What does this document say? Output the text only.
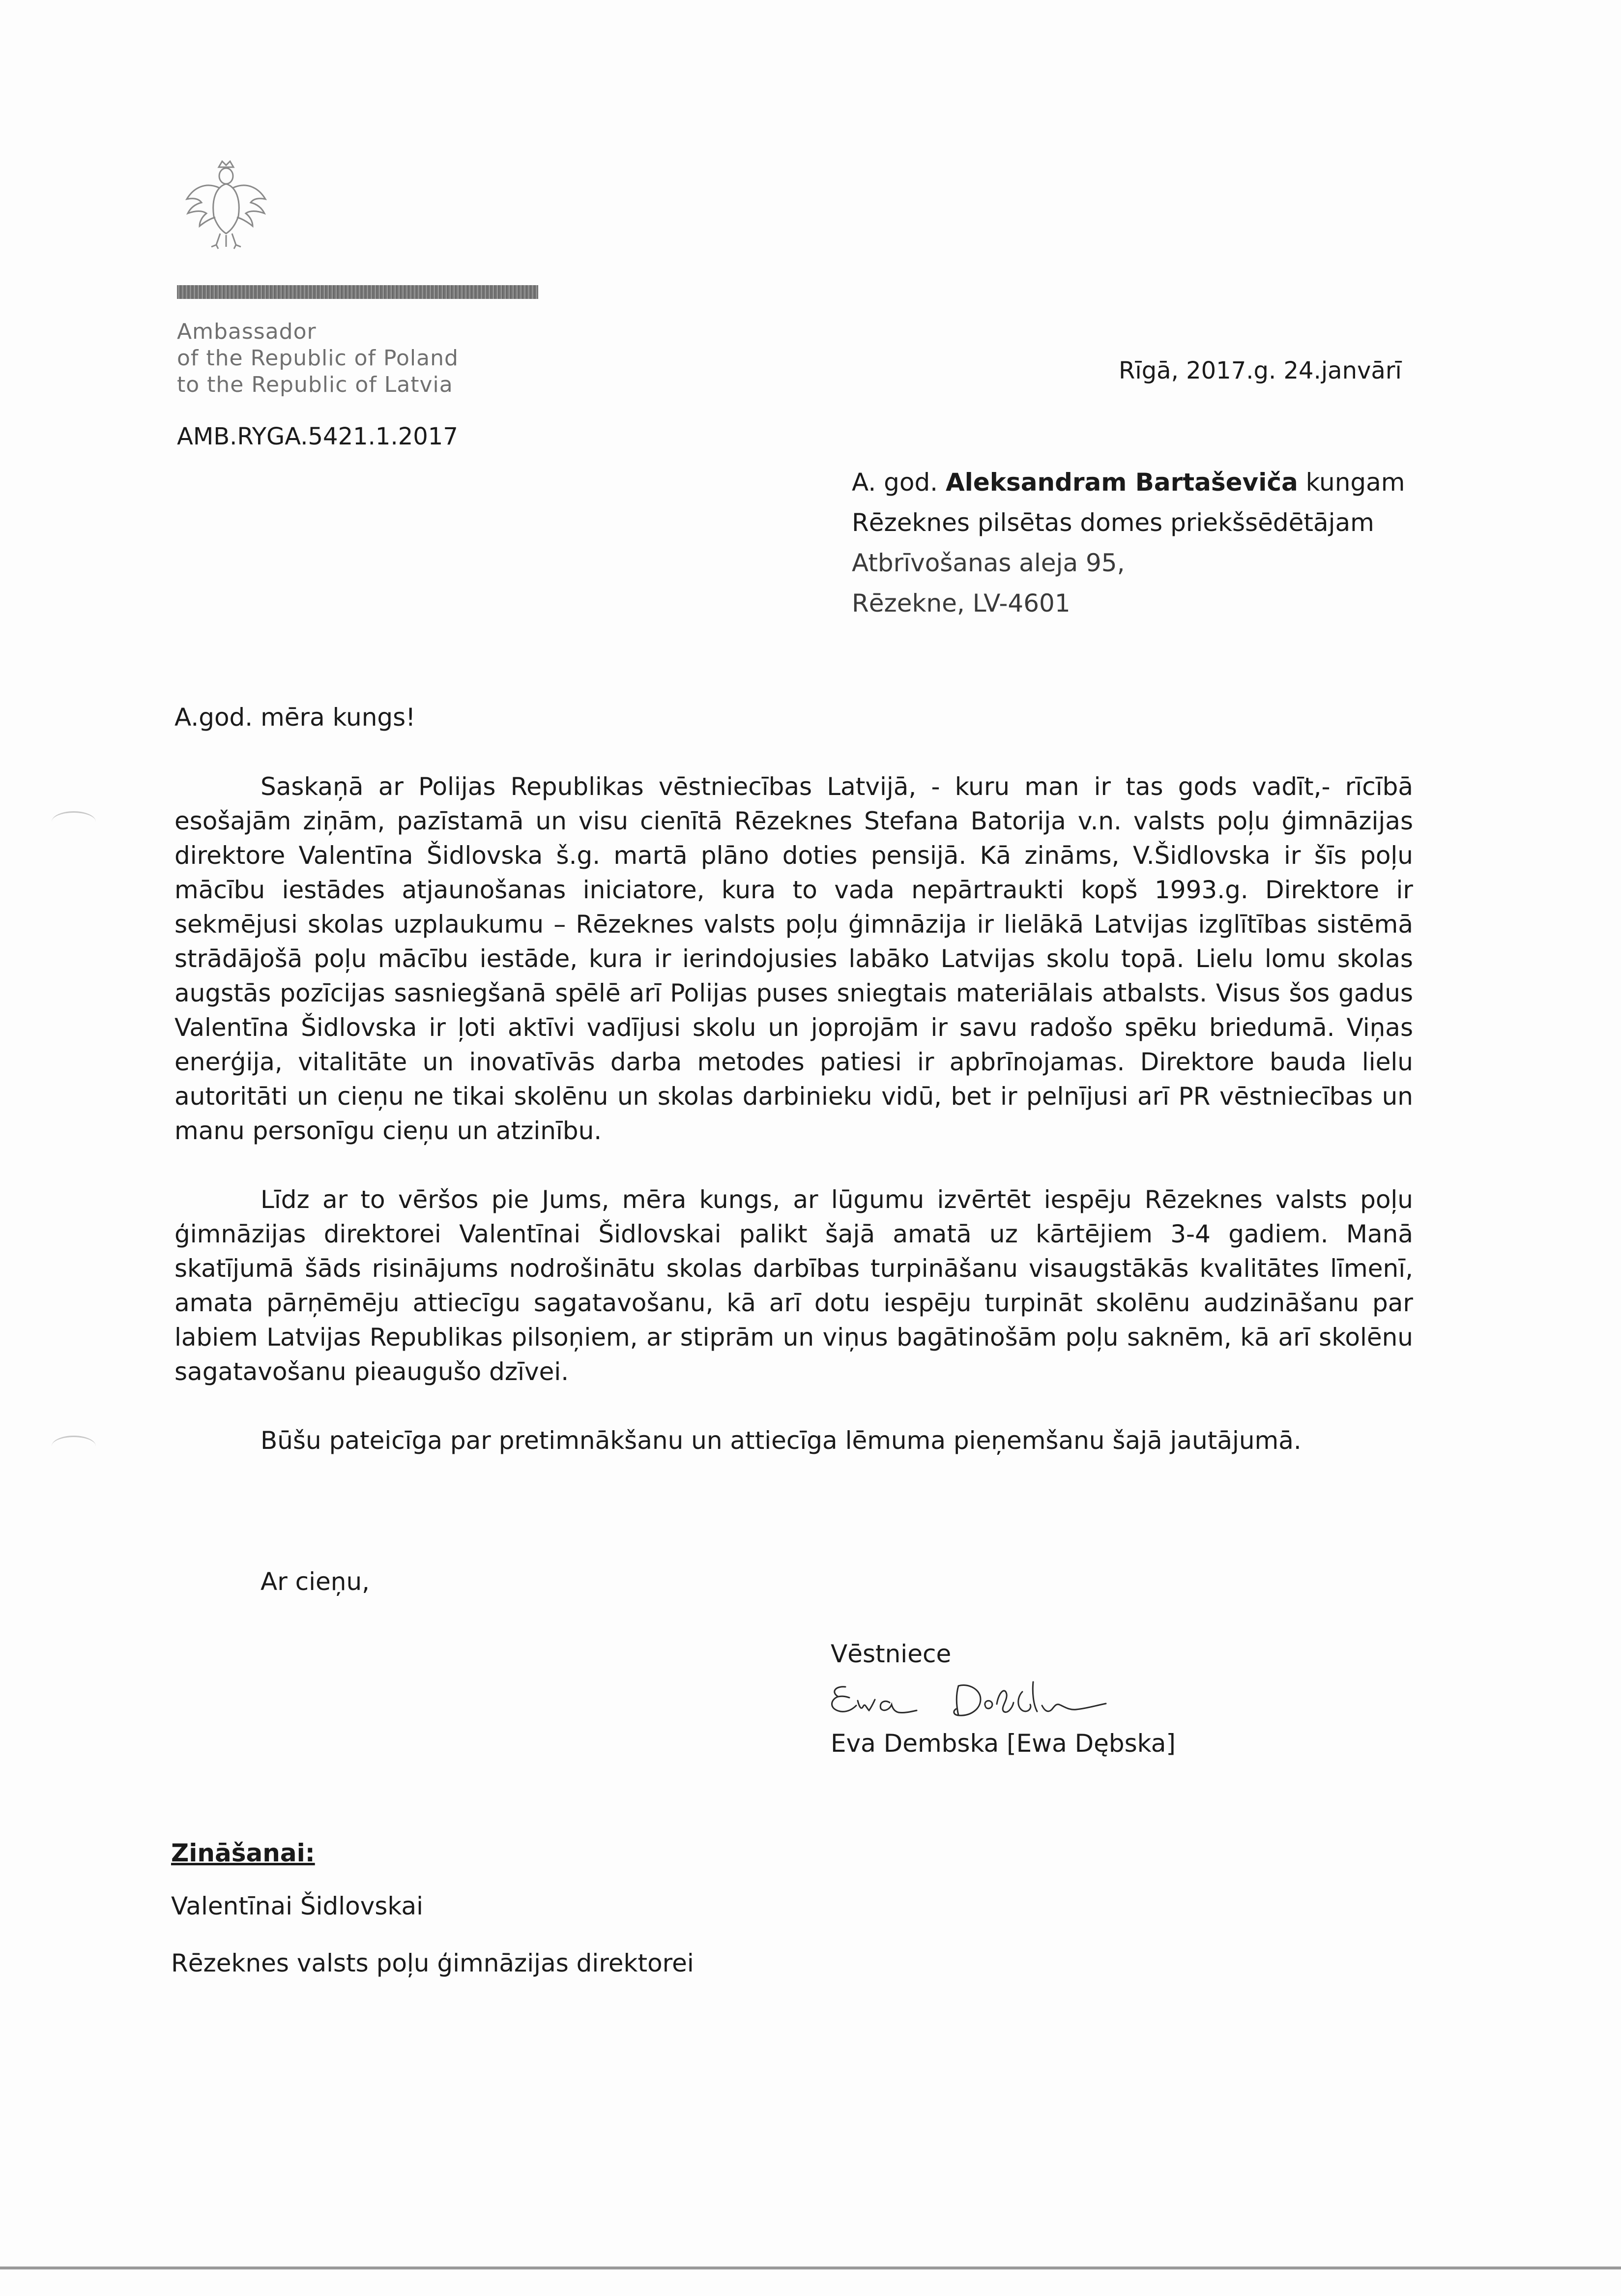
Ambassador
of the Republic of Poland
to the Republic of Latvia
AMB.RYGA.5421.1.2017
Rīgā, 2017.g. 24.janvārī
A. god. Aleksandram Bartaševiča kungam
Rēzeknes pilsētas domes priekšsēdētājam
Atbrīvošanas aleja 95,
Rēzekne, LV-4601
A.god. mēra kungs!

Saskaņā ar Polijas Republikas vēstniecības Latvijā, - kuru man ir tas gods vadīt,- rīcībā esošajām ziņām, pazīstamā un visu cienītā Rēzeknes Stefana Batorija v.n. valsts poļu ģimnāzijas direktore Valentīna Šidlovska š.g. martā plāno doties pensijā. Kā zināms, V.Šidlovska ir šīs poļu mācību iestādes atjaunošanas iniciatore, kura to vada nepārtraukti kopš 1993.g. Direktore ir sekmējusi skolas uzplaukumu – Rēzeknes valsts poļu ģimnāzija ir lielākā Latvijas izglītības sistēmā strādājošā poļu mācību iestāde, kura ir ierindojusies labāko Latvijas skolu topā. Lielu lomu skolas augstās pozīcijas sasniegšanā spēlē arī Polijas puses sniegtais materiālais atbalsts. Visus šos gadus Valentīna Šidlovska ir ļoti aktīvi vadījusi skolu un joprojām ir savu radošo spēku briedumā. Viņas enerģija, vitalitāte un inovatīvās darba metodes patiesi ir apbrīnojamas. Direktore bauda lielu autoritāti un cieņu ne tikai skolēnu un skolas darbinieku vidū, bet ir pelnījusi arī PR vēstniecības un manu personīgu cieņu un atzinību.

Līdz ar to vēršos pie Jums, mēra kungs, ar lūgumu izvērtēt iespēju Rēzeknes valsts poļu ģimnāzijas direktorei Valentīnai Šidlovskai palikt šajā amatā uz kārtējiem 3-4 gadiem. Manā skatījumā šāds risinājums nodrošinātu skolas darbības turpināšanu visaugstākās kvalitātes līmenī, amata pārņēmēju attiecīgu sagatavošanu, kā arī dotu iespēju turpināt skolēnu audzināšanu par labiem Latvijas Republikas pilsoņiem, ar stiprām un viņus bagātinošām poļu saknēm, kā arī skolēnu sagatavošanu pieaugušo dzīvei.

Būšu pateicīga par pretimnākšanu un attiecīga lēmuma pieņemšanu šajā jautājumā.

Ar cieņu,
Vēstniece
Eva Dembska [Ewa Dębska]
Zināšanai:
Valentīnai Šidlovskai
Rēzeknes valsts poļu ģimnāzijas direktorei
